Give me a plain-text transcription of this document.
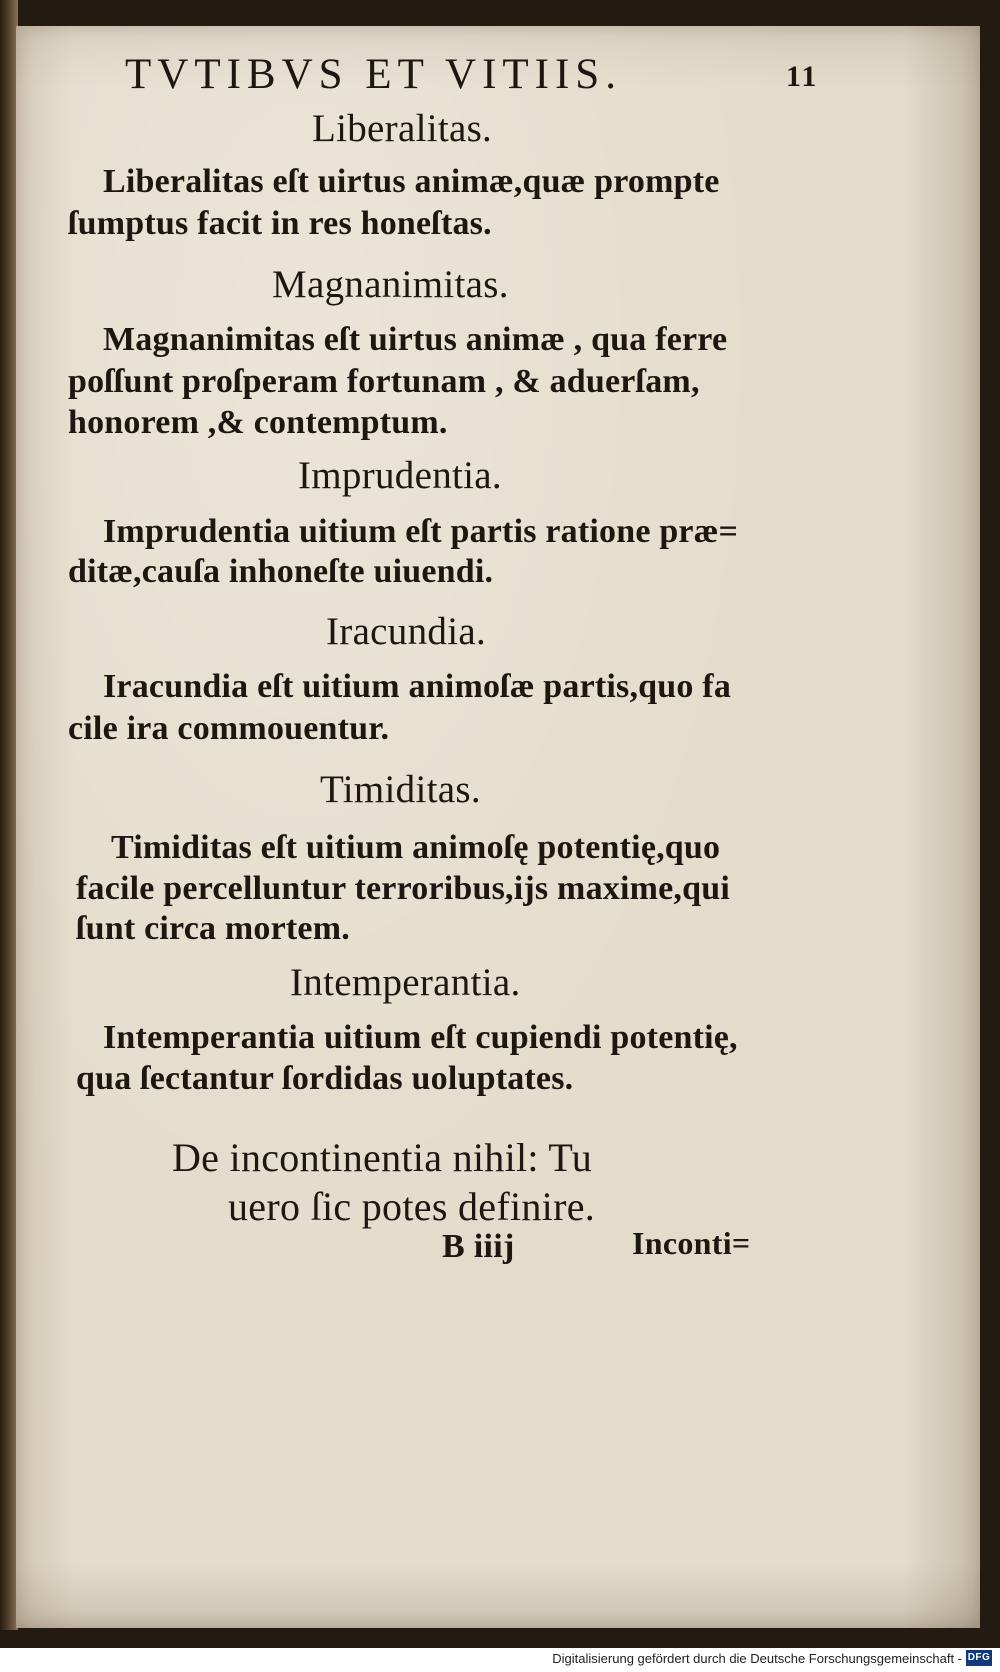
TVTIBVS ET VITIIS.	11
Liberalitas.
Liberalitas eſt uirtus animæ,quæ prompte
ſumptus facit in res honeſtas.
Magnanimitas.
Magnanimitas eſt uirtus animæ , qua ferre
poſſunt proſperam fortunam , & aduerſam,
honorem ,& contemptum.
Imprudentia.
Imprudentia uitium eſt partis ratione præ=
ditæ,cauſa inhoneſte uiuendi.
Iracundia.
Iracundia eſt uitium animoſæ partis,quo fa
cile ira commouentur.
Timiditas.
Timiditas eſt uitium animoſę potentię,quo
facile percelluntur terroribus,ijs maxime,qui
ſunt circa mortem.
Intemperantia.
Intemperantia uitium eſt cupiendi potentię,
qua ſectantur ſordidas uoluptates.
De incontinentia nihil: Tu
uero ſic potes definire.
B iiij	Inconti=
Digitalisierung gefördert durch die Deutsche Forschungsgemeinschaft - DFG
